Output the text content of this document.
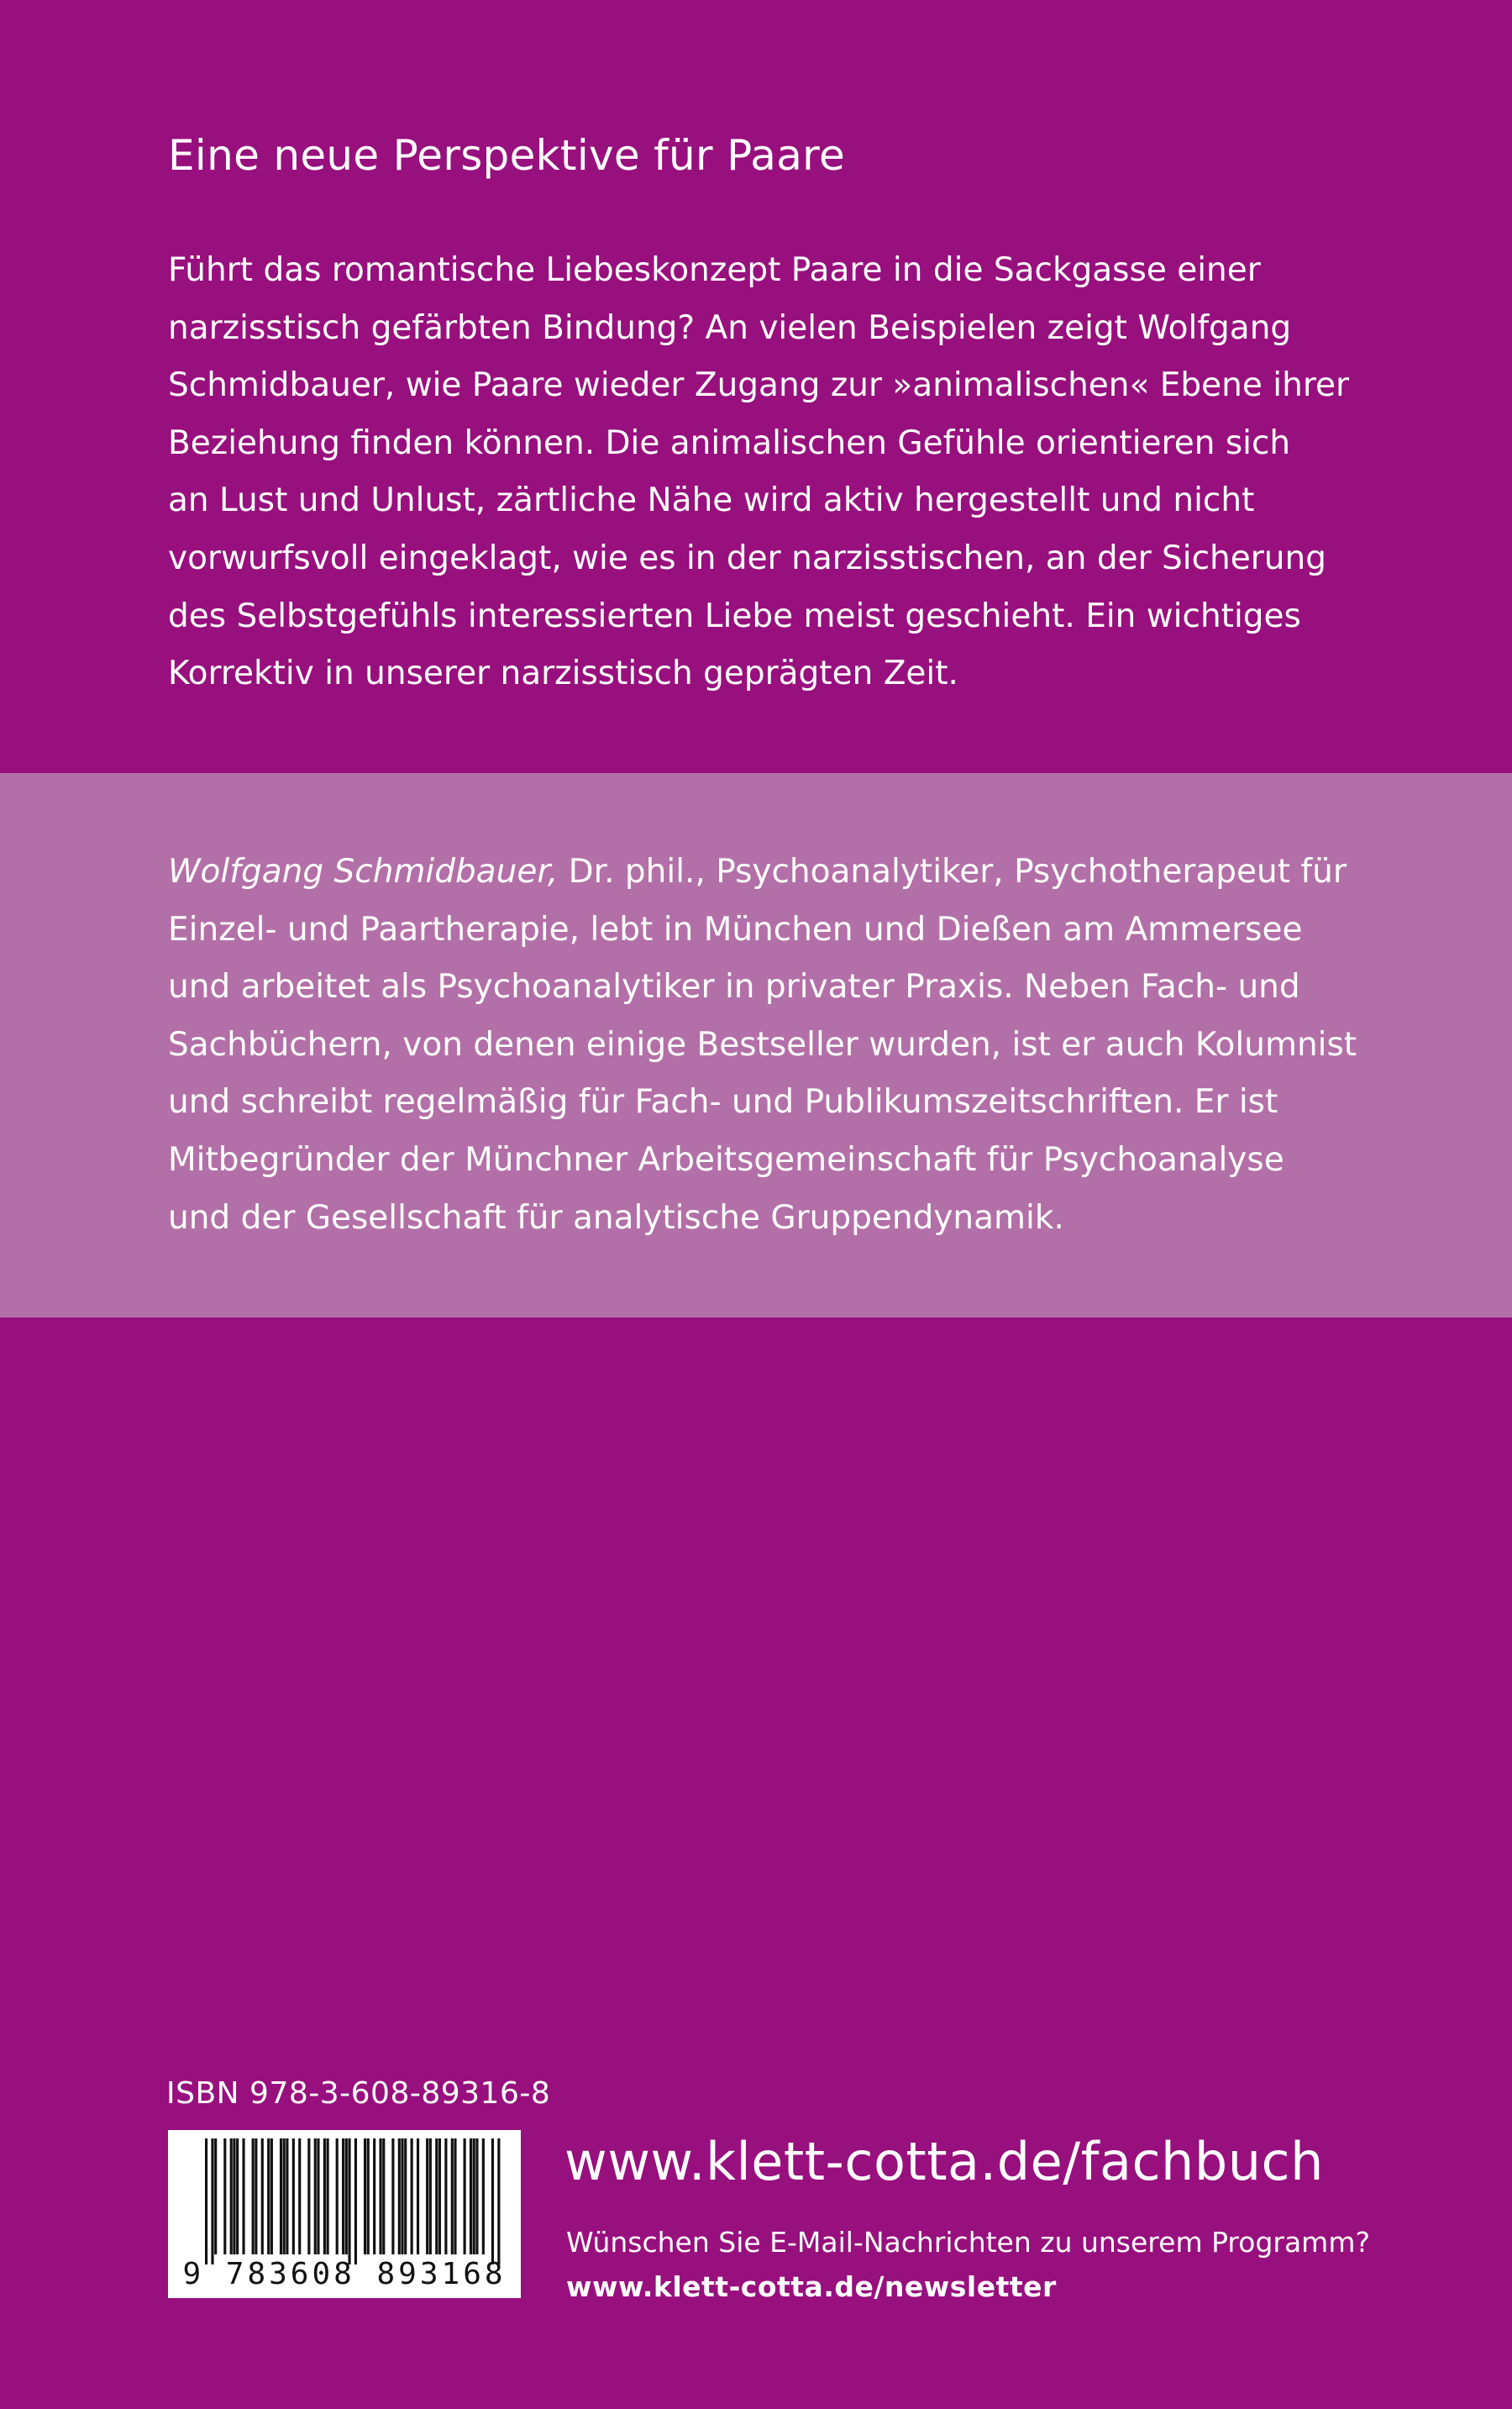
Eine neue Perspektive für Paare
Führt das romantische Liebeskonzept Paare in die Sackgasse einer
narzisstisch gefärbten Bindung? An vielen Beispielen zeigt Wolfgang
Schmidbauer, wie Paare wieder Zugang zur »animalischen« Ebene ihrer
Beziehung finden können. Die animalischen Gefühle orientieren sich
an Lust und Unlust, zärtliche Nähe wird aktiv hergestellt und nicht
vorwurfsvoll eingeklagt, wie es in der narzisstischen, an der Sicherung
des Selbstgefühls interessierten Liebe meist geschieht. Ein wichtiges
Korrektiv in unserer narzisstisch geprägten Zeit.
Wolfgang Schmidbauer, Dr. phil., Psychoanalytiker, Psychotherapeut für
Einzel- und Paartherapie, lebt in München und Dießen am Ammersee
und arbeitet als Psychoanalytiker in privater Praxis. Neben Fach- und
Sachbüchern, von denen einige Bestseller wurden, ist er auch Kolumnist
und schreibt regelmäßig für Fach- und Publikumszeitschriften. Er ist
Mitbegründer der Münchner Arbeitsgemeinschaft für Psychoanalyse
und der Gesellschaft für analytische Gruppendynamik.
ISBN 978-3-608-89316-8
9 783608 893168
www.klett-cotta.de/fachbuch
Wünschen Sie E-Mail-Nachrichten zu unserem Programm?
www.klett-cotta.de/newsletter
